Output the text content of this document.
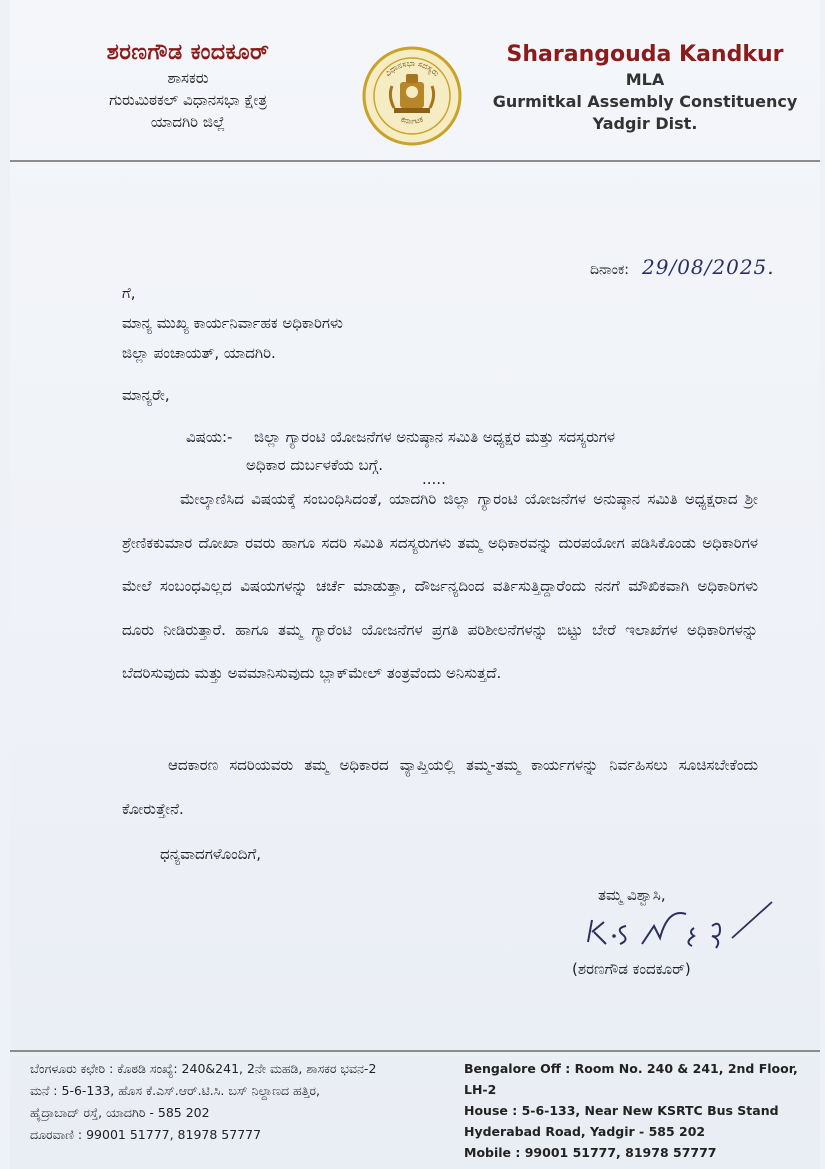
ಶರಣಗೌಡ ಕಂದಕೂರ್
ಶಾಸಕರು
ಗುರುಮಿಠಕಲ್ ವಿಧಾನಸಭಾ ಕ್ಷೇತ್ರ
ಯಾದಗಿರಿ ಜಿಲ್ಲೆ
ವಿಧಾನಸಭಾ ಸದಸ್ಯರು
ಕರ್ನಾಟಕ
Sharangouda Kandkur
MLA
Gurmitkal Assembly Constituency
Yadgir Dist.
ದಿನಾಂಕ: 29/08/2025.
ಗೆ,
ಮಾನ್ಯ ಮುಖ್ಯ ಕಾರ್ಯನಿರ್ವಾಹಕ ಅಧಿಕಾರಿಗಳು
ಜಿಲ್ಲಾ ಪಂಚಾಯತ್, ಯಾದಗಿರಿ.
ಮಾನ್ಯರೇ,
ವಿಷಯ:- ಜಿಲ್ಲಾ ಗ್ಯಾರಂಟಿ ಯೋಜನೆಗಳ ಅನುಷ್ಠಾನ ಸಮಿತಿ ಅಧ್ಯಕ್ಷರ ಮತ್ತು ಸದಸ್ಯರುಗಳ
ಅಧಿಕಾರ ದುರ್ಬಳಕೆಯ ಬಗ್ಗೆ.
.....
ಮೇಲ್ಕಾಣಿಸಿದ ವಿಷಯಕ್ಕೆ ಸಂಬಂಧಿಸಿದಂತೆ, ಯಾದಗಿರಿ ಜಿಲ್ಲಾ ಗ್ಯಾರಂಟಿ ಯೋಜನೆಗಳ ಅನುಷ್ಠಾನ ಸಮಿತಿ ಅಧ್ಯಕ್ಷರಾದ ಶ್ರೀ ಶ್ರೇಣಿಕಕುಮಾರ ದೋಖಾ ರವರು ಹಾಗೂ ಸದರಿ ಸಮಿತಿ ಸದಸ್ಯರುಗಳು ತಮ್ಮ ಅಧಿಕಾರವನ್ನು ದುರಪಯೋಗ ಪಡಿಸಿಕೊಂಡು ಅಧಿಕಾರಿಗಳ ಮೇಲೆ ಸಂಬಂಧವಿಲ್ಲದ ವಿಷಯಗಳನ್ನು ಚರ್ಚೆ ಮಾಡುತ್ತಾ, ದೌರ್ಜನ್ಯದಿಂದ ವರ್ತಿಸುತ್ತಿದ್ದಾರೆಂದು ನನಗೆ ಮೌಖಿಕವಾಗಿ ಅಧಿಕಾರಿಗಳು ದೂರು ನೀಡಿರುತ್ತಾರೆ. ಹಾಗೂ ತಮ್ಮ ಗ್ಯಾರೆಂಟಿ ಯೋಜನೆಗಳ ಪ್ರಗತಿ ಪರಿಶೀಲನೆಗಳನ್ನು ಬಿಟ್ಟು ಬೇರೆ ಇಲಾಖೆಗಳ ಅಧಿಕಾರಿಗಳನ್ನು ಬೆದರಿಸುವುದು ಮತ್ತು ಅವಮಾನಿಸುವುದು ಬ್ಲಾಕ್‌ಮೇಲ್ ತಂತ್ರವೆಂದು ಅನಿಸುತ್ತದೆ.
ಆದಕಾರಣ ಸದರಿಯವರು ತಮ್ಮ ಅಧಿಕಾರದ ವ್ಯಾಪ್ತಿಯಲ್ಲಿ ತಮ್ಮ-ತಮ್ಮ ಕಾರ್ಯಗಳನ್ನು ನಿರ್ವಹಿಸಲು ಸೂಚಿಸಬೇಕೆಂದು ಕೋರುತ್ತೇನೆ.
ಧನ್ಯವಾದಗಳೊಂದಿಗೆ,
ತಮ್ಮ ವಿಶ್ವಾಸಿ,
(ಶರಣಗೌಡ ಕಂದಕೂರ್)
ಬೆಂಗಳೂರು ಕಛೇರಿ : ಕೊಠಡಿ ಸಂಖ್ಯೆ: 240&241, 2ನೇ ಮಹಡಿ, ಶಾಸಕರ ಭವನ-2
ಮನೆ : 5-6-133, ಹೊಸ ಕೆ.ಎಸ್.ಆರ್.ಟಿ.ಸಿ. ಬಸ್ ನಿಲ್ದಾಣದ ಹತ್ತಿರ,
ಹೈದ್ರಾಬಾದ್ ರಸ್ತೆ, ಯಾದಗಿರಿ - 585 202
ದೂರವಾಣಿ : 99001 51777, 81978 57777
Bengalore Off : Room No. 240 & 241, 2nd Floor, LH-2
House : 5-6-133, Near New KSRTC Bus Stand
Hyderabad Road, Yadgir - 585 202
Mobile : 99001 51777, 81978 57777
